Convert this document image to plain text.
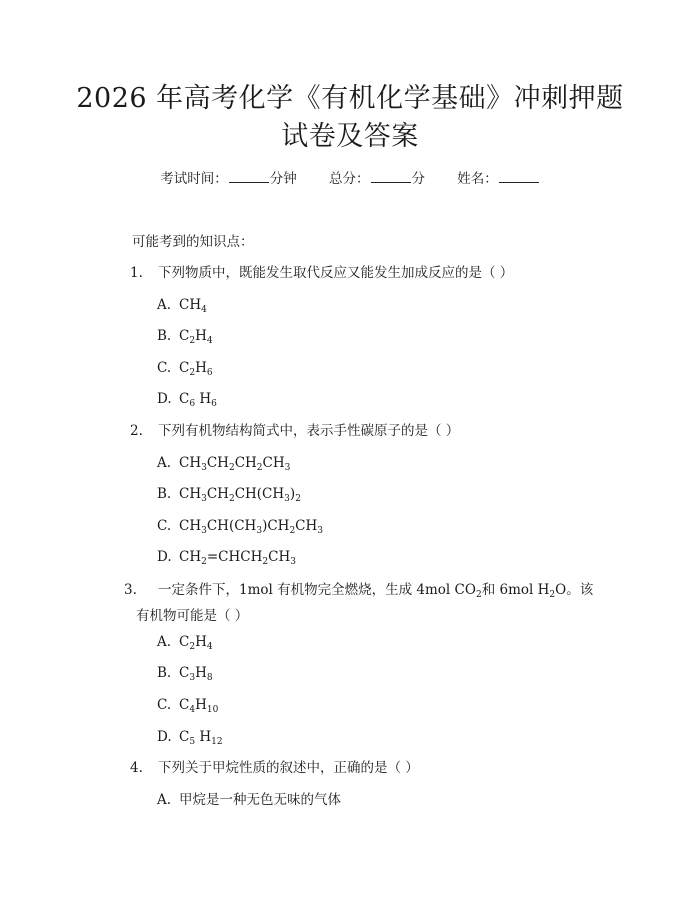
2026 年高考化学《有机化学基础》冲刺押题
试卷及答案
考试时间：	分钟 总分：	分 姓名：
可能考到的知识点：
1. 下列物质中，既能发生取代反应又能发生加成反应的是（ ）
A. $CH_4$
B. $C_2H_4$
C. $C_2H_6$
D. $C_6$ $H_6$
2. 下列有机物结构简式中，表示手性碳原子的是（ ）
A. $CH_3CH_2CH_2CH_3$
B. $CH_3CH_2CH(CH_3)_2$
C. $CH_3CH(CH_3)CH_2CH_3$
D. $CH_2=CHCH_2CH_3$
3. 一定条件下，1mol 有机物完全燃烧，生成 4mol $CO_2$和 6mol $H_2O$。该有机物可能是（ ）
A. $C_2H_4$
B. $C_3H_8$
C. $C_4H_{10}$
D. $C_5$ $H_{12}$
4. 下列关于甲烷性质的叙述中，正确的是（ ）
A. 甲烷是一种无色无味的气体
